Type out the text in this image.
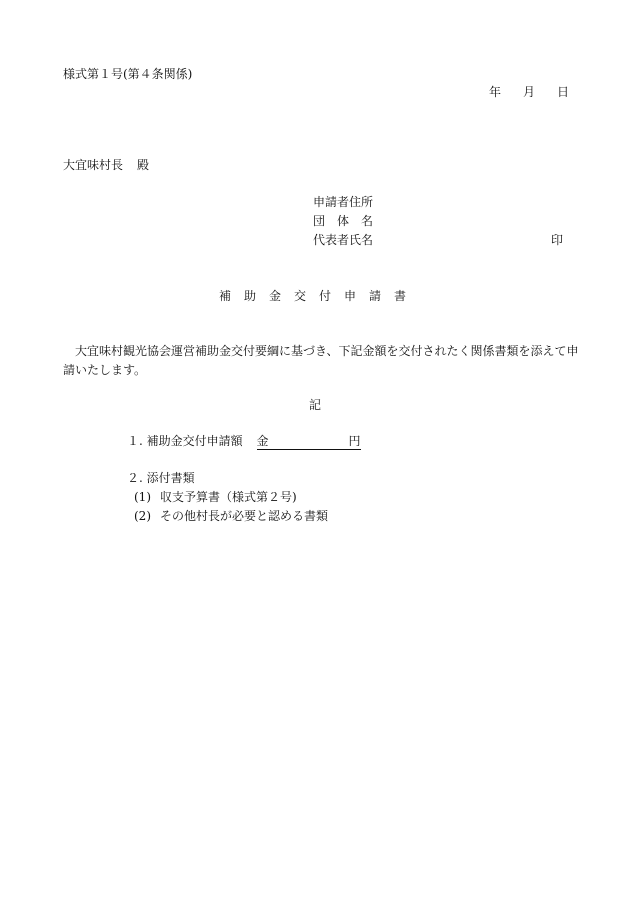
様式第１号(第４条関係)
年 月 日
大宜味村長 殿
申請者住所
団　体　名
代表者氏名	印
補助金交付申請書
大宜味村観光協会運営補助金交付要綱に基づき、下記金額を交付されたく関係書類を添えて申請いたします。
記
１. 補助金交付申請額 金	円
２. 添付書類
(1) 収支予算書（様式第２号)
(2) その他村長が必要と認める書類
